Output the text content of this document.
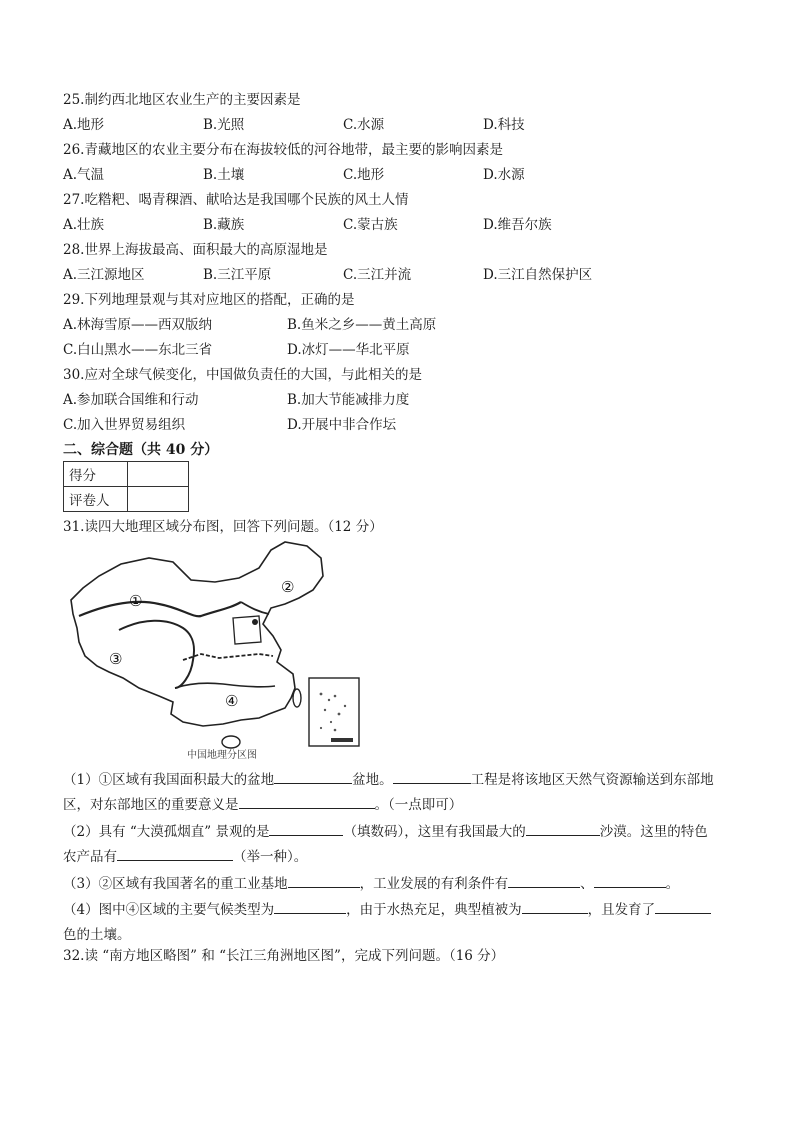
25.制约西北地区农业生产的主要因素是
A.地形	B.光照	C.水源	D.科技
26.青藏地区的农业主要分布在海拔较低的河谷地带，最主要的影响因素是
A.气温	B.土壤	C.地形	D.水源
27.吃糌粑、喝青稞酒、献哈达是我国哪个民族的风土人情
A.壮族	B.藏族	C.蒙古族	D.维吾尔族
28.世界上海拔最高、面积最大的高原湿地是
A.三江源地区	B.三江平原	C.三江并流	D.三江自然保护区
29.下列地理景观与其对应地区的搭配，正确的是
A.林海雪原——西双版纳	B.鱼米之乡——黄土高原
C.白山黑水——东北三省	D.冰灯——华北平原
30.应对全球气候变化，中国做负责任的大国，与此相关的是
A.参加联合国维和行动	B.加大节能减排力度
C.加入世界贸易组织	D.开展中非合作坛
二、综合题（共 40 分）
得分	
评卷人	
31.读四大地理区域分布图，回答下列问题。（12 分）
①
②
③
④
中国地理分区图
（1）①区域有我国面积最大的盆地	盆地。	工程是将该地区天然气资源输送到东部地
区，对东部地区的重要意义是	。（一点即可）
（2）具有 “大漠孤烟直” 景观的是	（填数码），这里有我国最大的	沙漠。这里的特色
农产品有	（举一种）。
（3）②区域有我国著名的重工业基地	，工业发展的有利条件有	、	。
（4）图中④区域的主要气候类型为	，由于水热充足，典型植被为	，且发育了
色的土壤。
32.读 “南方地区略图” 和 “长江三角洲地区图”，完成下列问题。（16 分）
